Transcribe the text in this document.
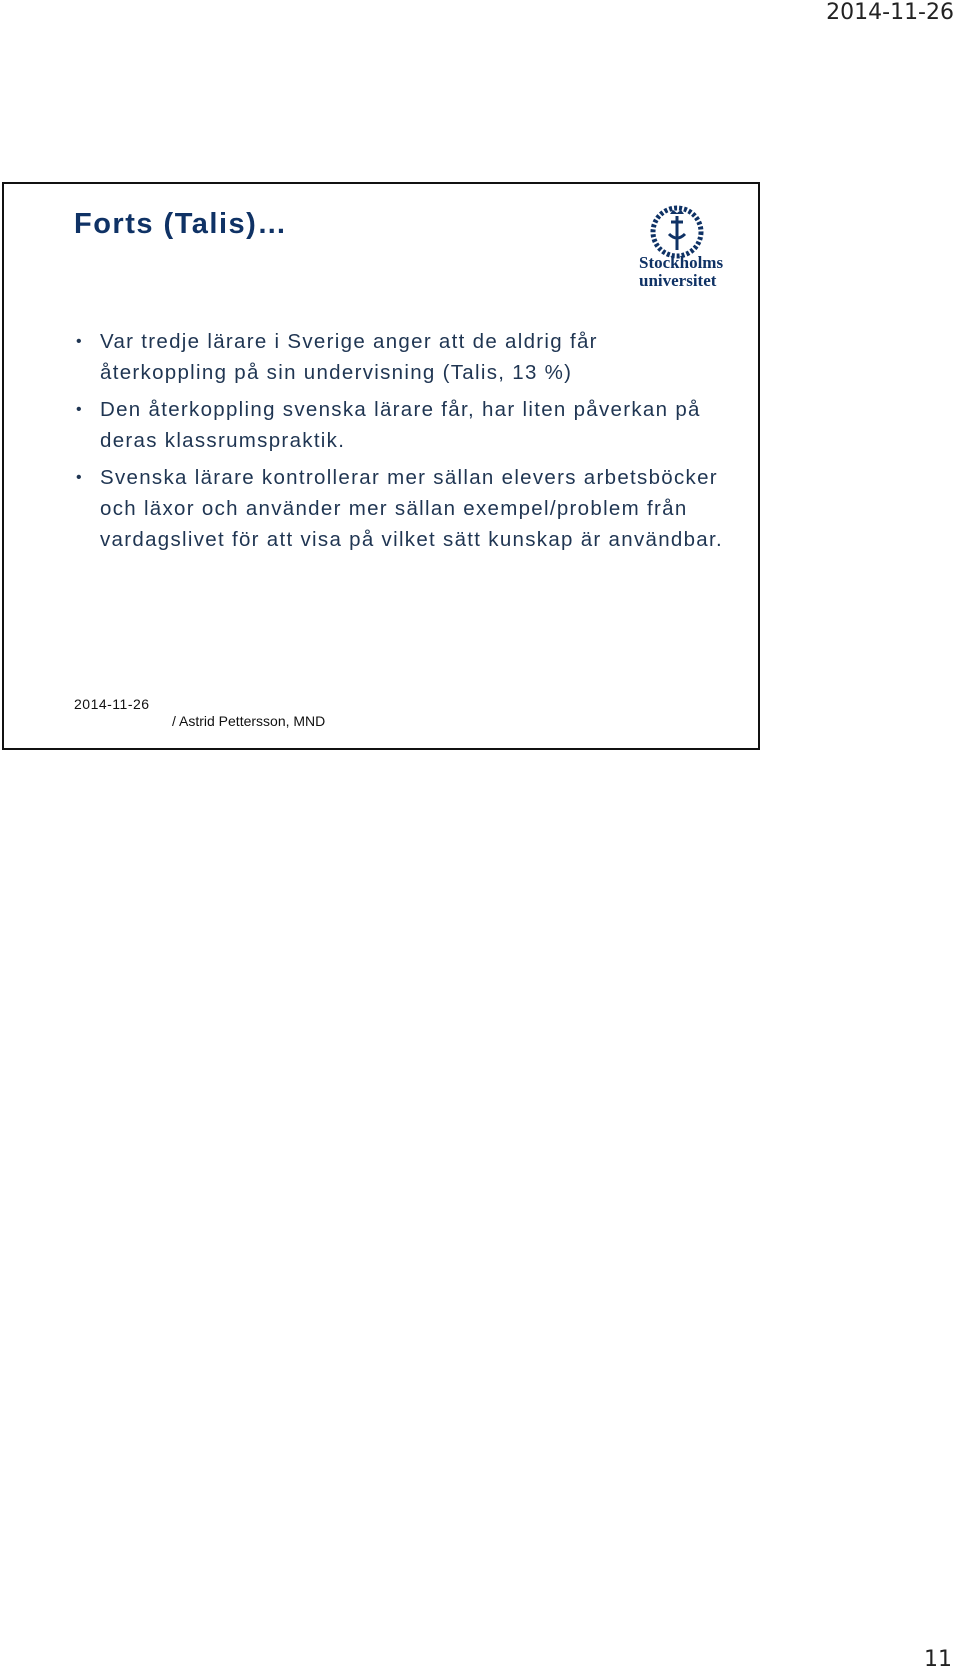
2014-11-26
Forts (Talis)…
Stockholms
universitet
• Var tredje lärare i Sverige anger att de aldrig får återkoppling på sin undervisning (Talis, 13 %)
• Den återkoppling svenska lärare får, har liten påverkan på deras klassrumspraktik.
• Svenska lärare kontrollerar mer sällan elevers arbetsböcker och läxor och använder mer sällan exempel/problem från vardagslivet för att visa på vilket sätt kunskap är användbar.
2014-11-26
/ Astrid Pettersson, MND
11
